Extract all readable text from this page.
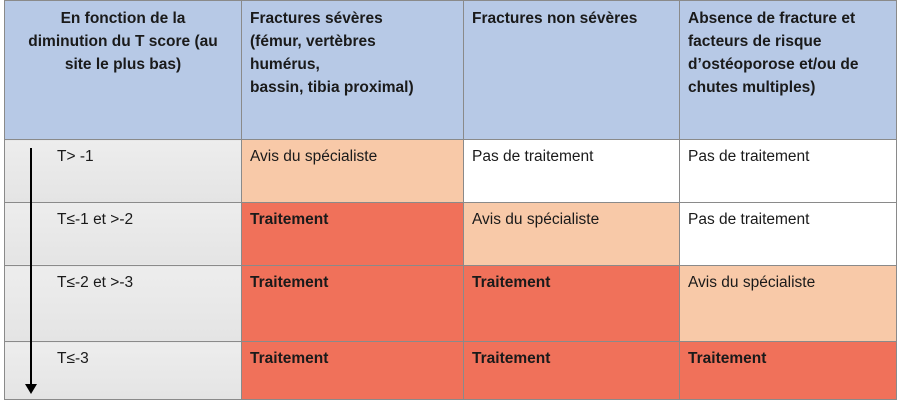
En fonction de la
diminution du T score (au
site le plus bas)	Fractures sévères
(fémur, vertèbres
humérus,
bassin, tibia proximal)	Fractures non sévères	Absence de fracture et
facteurs de risque
d’ostéoporose et/ou de
chutes multiples)

T> -1	Avis du spécialiste	Pas de traitement	Pas de traitement
T≤-1 et >-2	Traitement	Avis du spécialiste	Pas de traitement
T≤-2 et >-3	Traitement	Traitement	Avis du spécialiste
T≤-3	Traitement	Traitement	Traitement
